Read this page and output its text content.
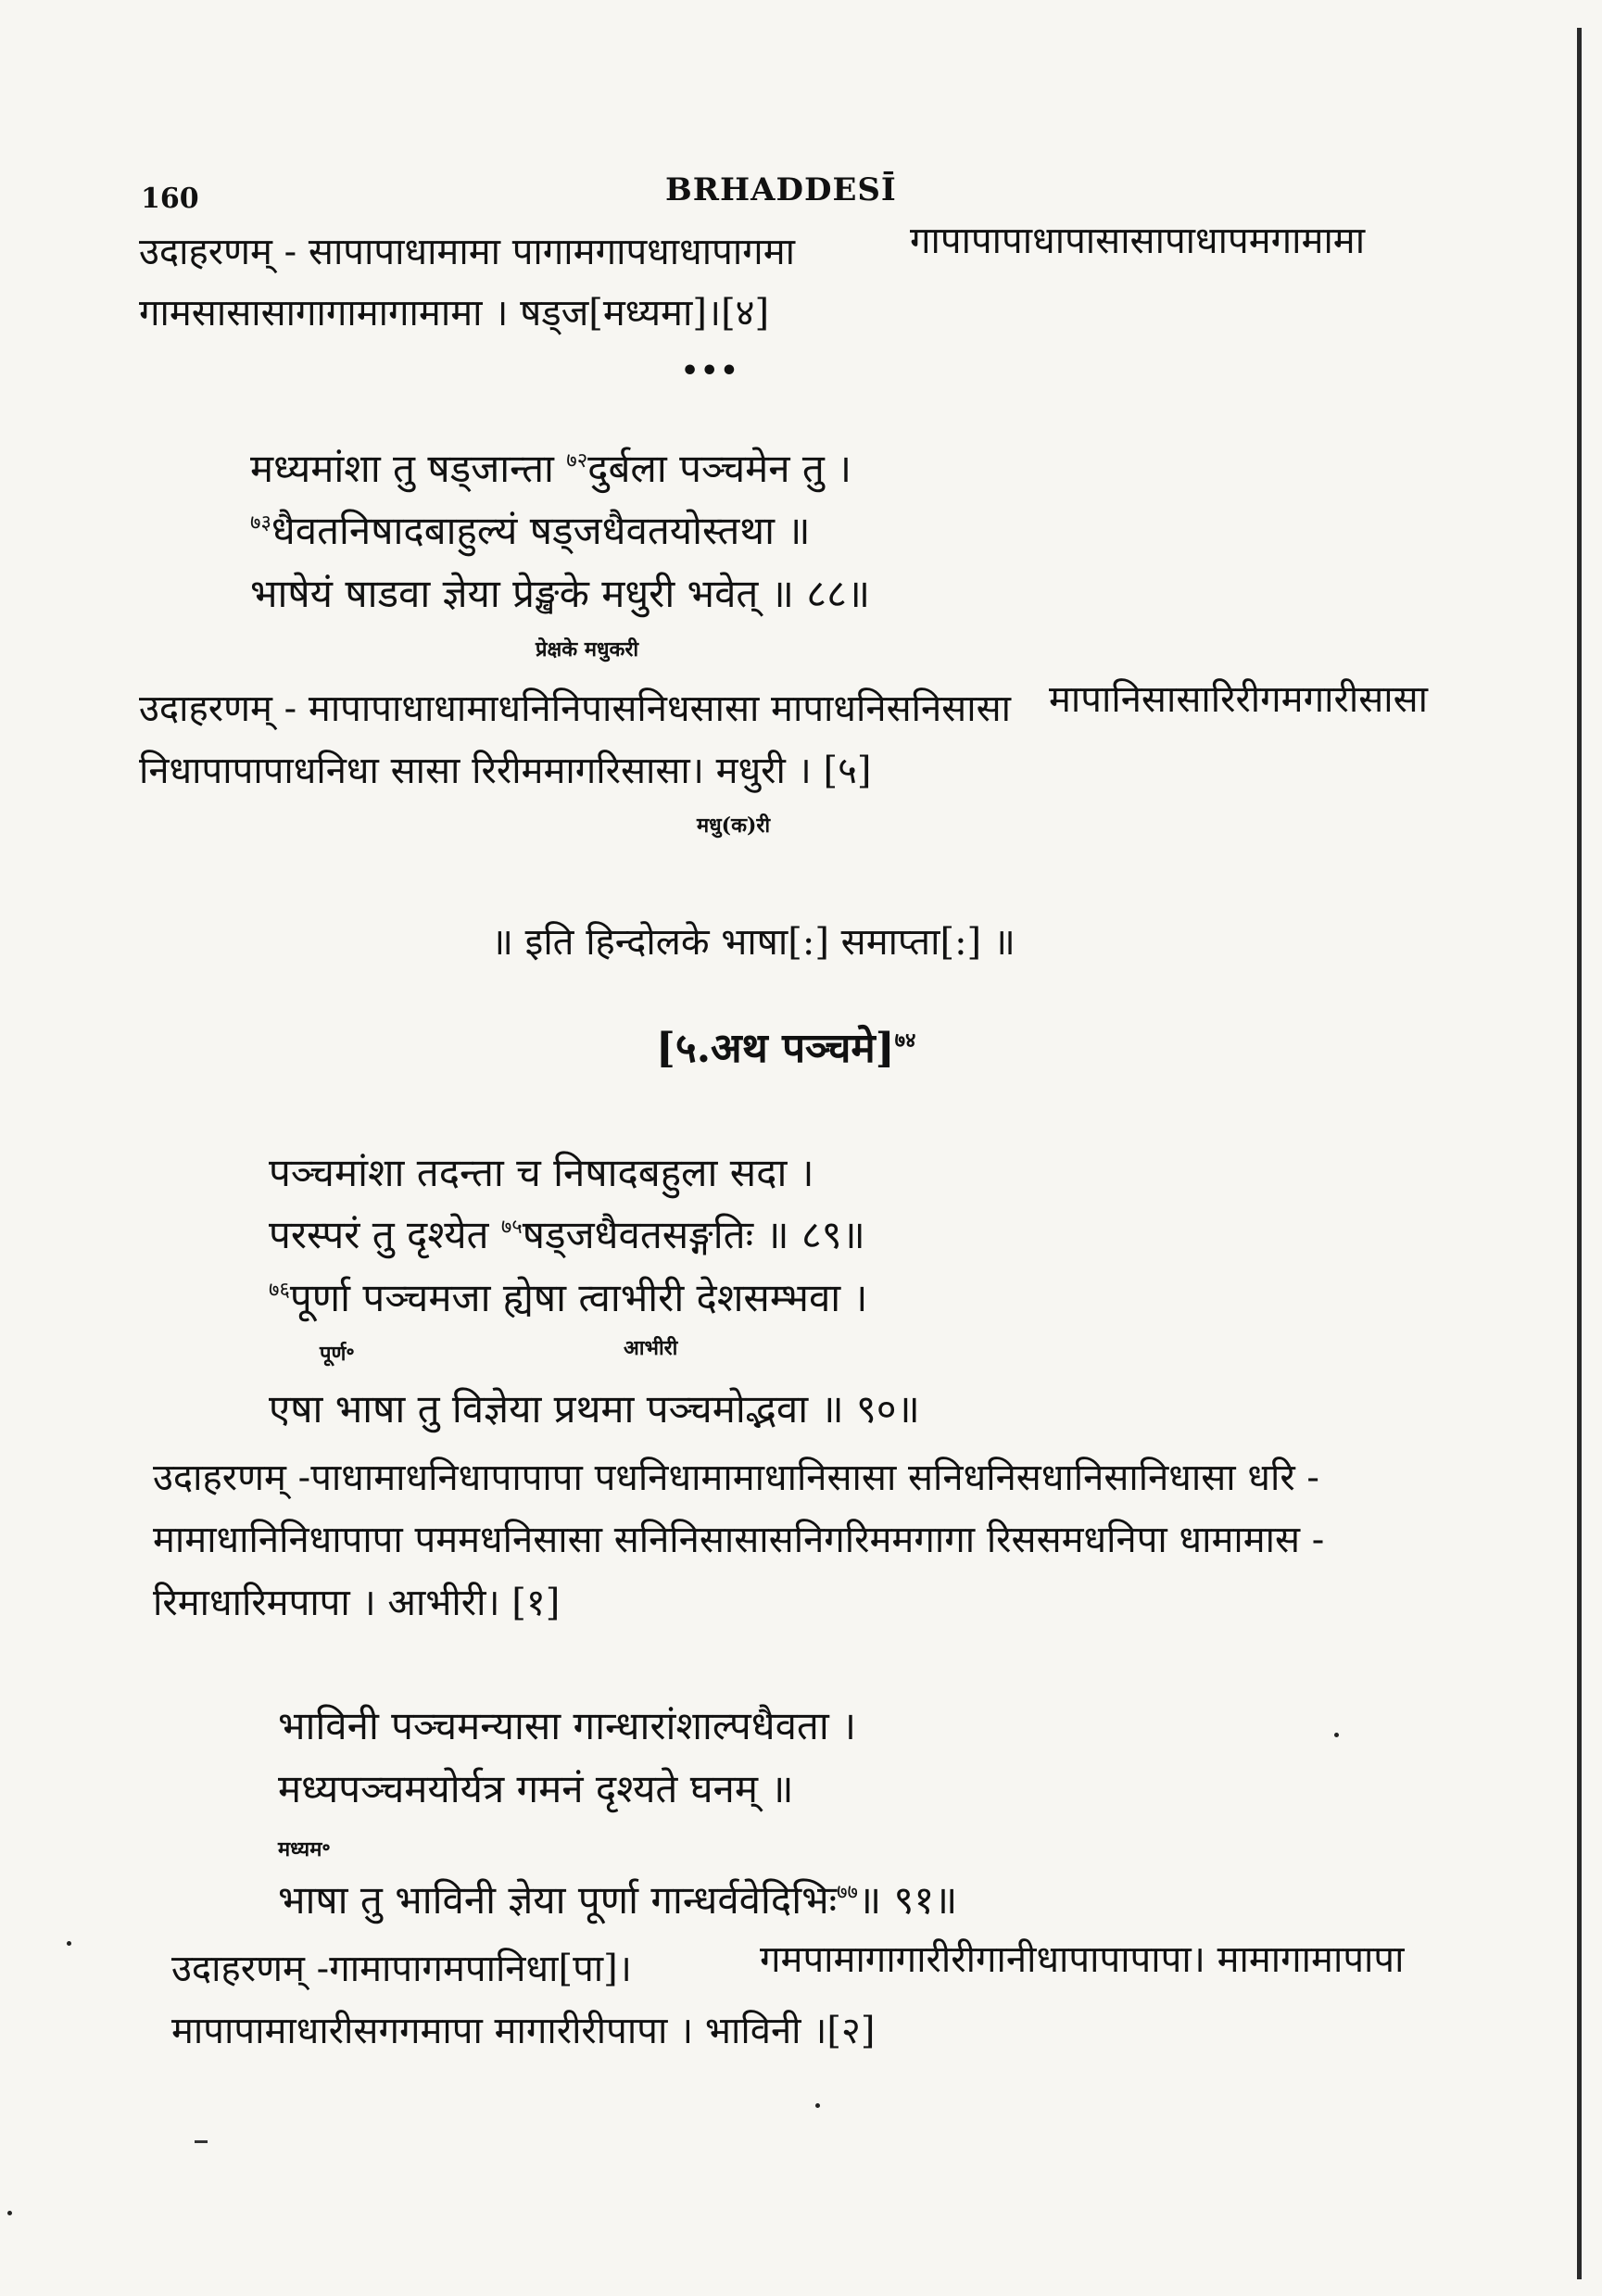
160	BRHADDESĪ
उदाहरणम् - सापापाधामामा पागामगापधाधापागमा	गापापापाधापासासापाधापमगामामा
गामसासासागागामागामामा । षड्ज[मध्यमा]।[४]
•••
मध्यमांशा तु षड्जान्ता $^{७२}$दुर्बला पञ्चमेन तु ।
$^{७३}$धैवतनिषादबाहुल्यं षड्जधैवतयोस्तथा ॥
भाषेयं षाडवा ज्ञेया प्रेङ्खके मधुरी भवेत् ॥ ८८॥
प्रेक्षके मधुकरी
उदाहरणम् - मापापाधाधामाधनिनिपासनिधसासा मापाधनिसनिसासा मापानिसासारिरीगमगारीसासा
निधापापापाधनिधा सासा रिरीममागरिसासा। मधुरी । [५]
मधु(क)री
॥ इति हिन्दोलके भाषा[:] समाप्ता[:] ॥
[५.अथ पञ्चमे]$^{७४}$
पञ्चमांशा तदन्ता च निषादबहुला सदा ।
परस्परं तु दृश्येत $^{७५}$षड्जधैवतसङ्गतिः ॥ ८९॥
$^{७६}$पूर्णा पञ्चमजा ह्येषा त्वाभीरी देशसम्भवा ।
पूर्ण॰	आभीरी
एषा भाषा तु विज्ञेया प्रथमा पञ्चमोद्भवा ॥ ९०॥
उदाहरणम् -पाधामाधनिधापापापा पधनिधामामाधानिसासा सनिधनिसधानिसानिधासा धरि -
मामाधानिनिधापापा पममधनिसासा सनिनिसासासनिगरिममगागा रिससमधनिपा धामामास -
रिमाधारिमपापा । आभीरी। [१]
भाविनी पञ्चमन्यासा गान्धारांशाल्पधैवता ।
मध्यपञ्चमयोर्यत्र गमनं दृश्यते घनम् ॥
मध्यम॰
भाषा तु भाविनी ज्ञेया पूर्णा गान्धर्ववेदिभिः$^{७७}$॥ ९१॥
उदाहरणम् -गामापागमपानिधा[पा]।	गमपामागागारीरीगानीधापापापापा। मामागामापापा
मापापामाधारीसगगमापा मागारीरीपापा । भाविनी ।[२]
